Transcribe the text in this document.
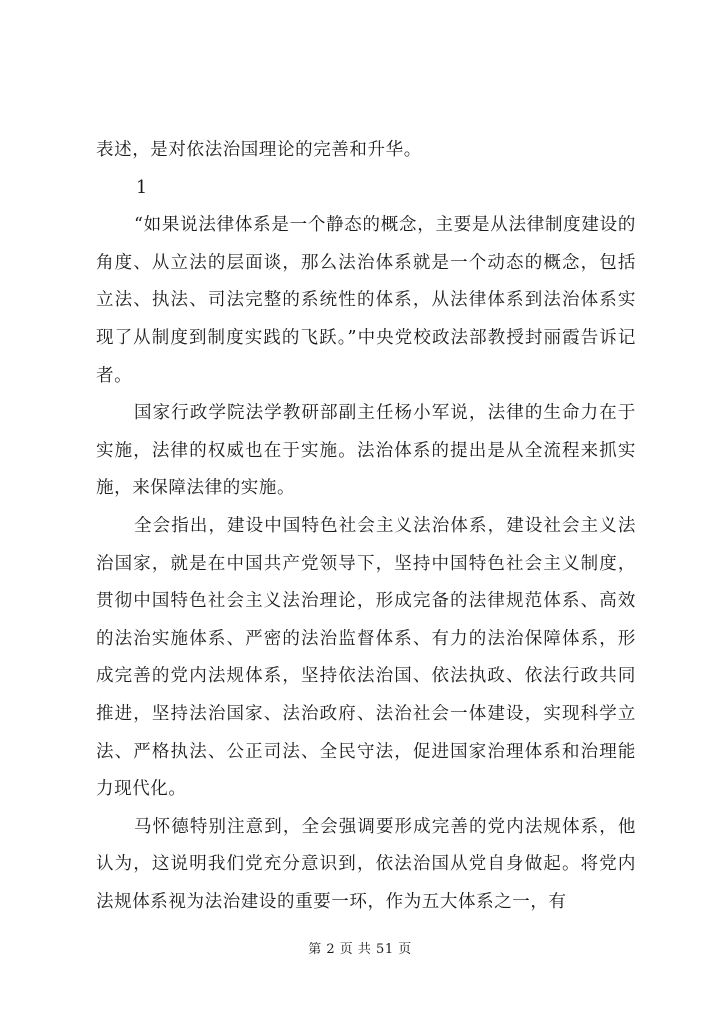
表述，是对依法治国理论的完善和升华。

1

“如果说法律体系是一个静态的概念，主要是从法律制度建设的角度、从立法的层面谈，那么法治体系就是一个动态的概念，包括立法、执法、司法完整的系统性的体系，从法律体系到法治体系实现了从制度到制度实践的飞跃。”中央党校政法部教授封丽霞告诉记者。

国家行政学院法学教研部副主任杨小军说，法律的生命力在于实施，法律的权威也在于实施。法治体系的提出是从全流程来抓实施，来保障法律的实施。

全会指出，建设中国特色社会主义法治体系，建设社会主义法治国家，就是在中国共产党领导下，坚持中国特色社会主义制度，贯彻中国特色社会主义法治理论，形成完备的法律规范体系、高效的法治实施体系、严密的法治监督体系、有力的法治保障体系，形成完善的党内法规体系，坚持依法治国、依法执政、依法行政共同推进，坚持法治国家、法治政府、法治社会一体建设，实现科学立法、严格执法、公正司法、全民守法，促进国家治理体系和治理能力现代化。

马怀德特别注意到，全会强调要形成完善的党内法规体系，他认为，这说明我们党充分意识到，依法治国从党自身做起。将党内法规体系视为法治建设的重要一环，作为五大体系之一，有

第 2 页 共 51 页
